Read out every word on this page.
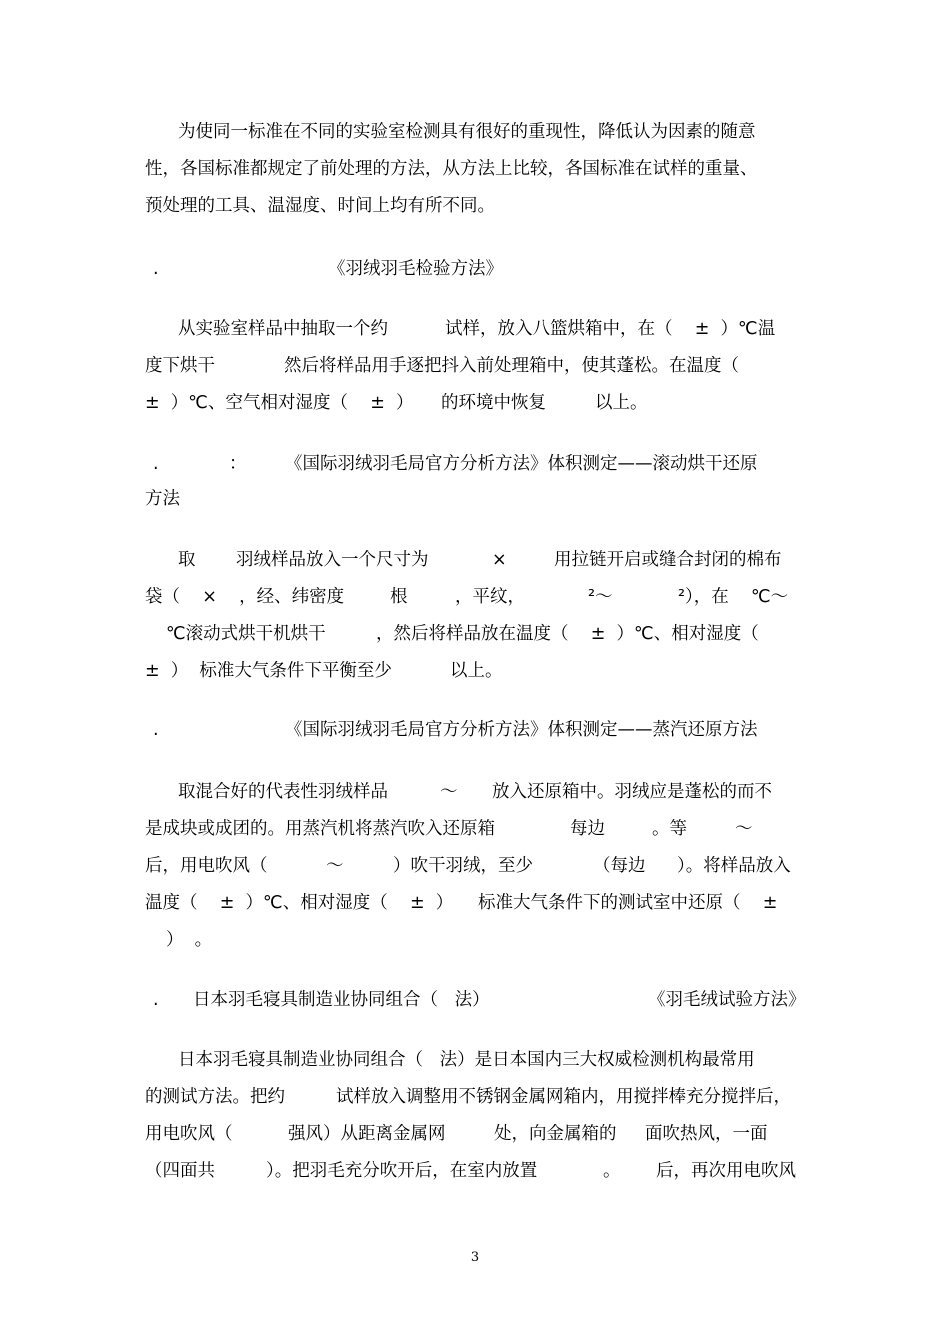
为使同一标准在不同的实验室检测具有很好的重现性，降低认为因素的随意

性，各国标准都规定了前处理的方法，从方法上比较，各国标准在试样的重量、

预处理的工具、温湿度、时间上均有所不同。

.	《羽绒羽毛检验方法》

从实验室样品中抽取一个约	试样，放入八篮烘箱中，在（    ±  ）℃温

度下烘干	然后将样品用手逐把抖入前处理箱中，使其蓬松。在温度（

±  ）℃、空气相对湿度（    ±  ） 的环境中恢复	以上。

.	： 《国际羽绒羽毛局官方分析方法》体积测定——滚动烘干还原

方法

取 羽绒样品放入一个尺寸为	×	用拉链开启或缝合封闭的棉布

袋（    ×    ，经、纬密度	根	，平纹，	²～	²），在    ℃～

℃滚动式烘干机烘干	，然后将样品放在温度（    ±  ）℃、相对湿度（

±  ）  标准大气条件下平衡至少	以上。

.	《国际羽绒羽毛局官方分析方法》体积测定——蒸汽还原方法

取混合好的代表性羽绒样品	～ 放入还原箱中。羽绒应是蓬松的而不

是成块或成团的。用蒸汽机将蒸汽吹入还原箱	每边	。等	～

后，用电吹风（	～	）吹干羽绒，至少	（每边 ）。将样品放入

温度（    ±  ）℃、相对湿度（    ±  ） 标准大气条件下的测试室中还原（    ±

）  。

. 日本羽毛寝具制造业协同组合（   法）	《羽毛绒试验方法》

日本羽毛寝具制造业协同组合（   法）是日本国内三大权威检测机构最常用

的测试方法。把约	试样放入调整用不锈钢金属网箱内，用搅拌棒充分搅拌后，

用电吹风（	强风）从距离金属网	处，向金属箱的 面吹热风，一面

（四面共	）。把羽毛充分吹开后，在室内放置	。 后，再次用电吹风

3
